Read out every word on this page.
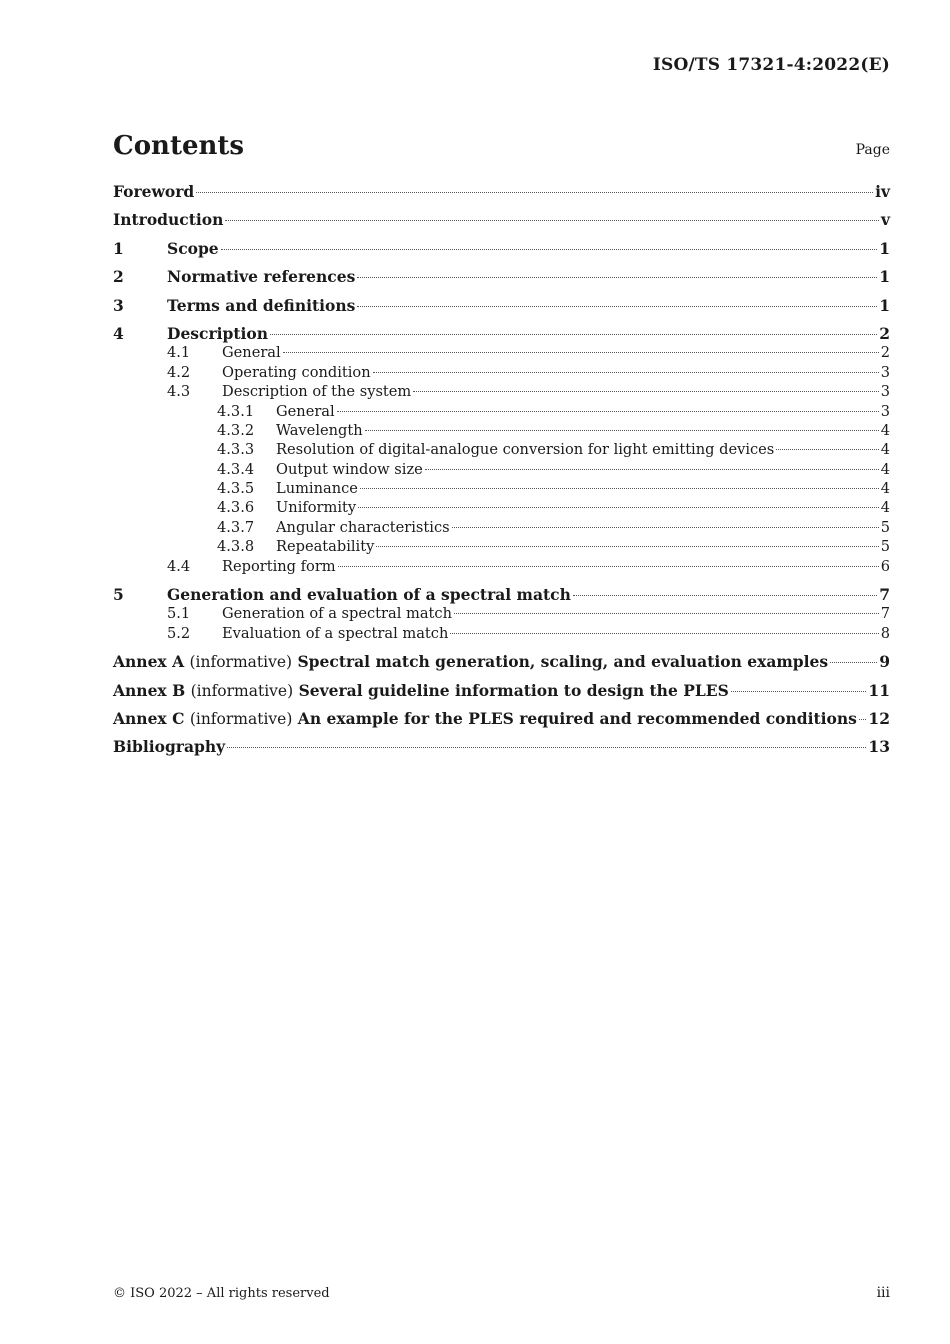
ISO/TS 17321-4:2022(E)
Contents	Page
Foreword	iv
Introduction	v
1	Scope	1
2	Normative references	1
3	Terms and definitions	1
4	Description	2
4.1	General	2
4.2	Operating condition	3
4.3	Description of the system	3
4.3.1	General	3
4.3.2	Wavelength	4
4.3.3	Resolution of digital-analogue conversion for light emitting devices	4
4.3.4	Output window size	4
4.3.5	Luminance	4
4.3.6	Uniformity	4
4.3.7	Angular characteristics	5
4.3.8	Repeatability	5
4.4	Reporting form	6
5	Generation and evaluation of a spectral match	7
5.1	Generation of a spectral match	7
5.2	Evaluation of a spectral match	8
Annex A (informative) Spectral match generation, scaling, and evaluation examples	9
Annex B (informative) Several guideline information to design the PLES	11
Annex C (informative) An example for the PLES required and recommended conditions 12
Bibliography	13
© ISO 2022 – All rights reserved	iii
